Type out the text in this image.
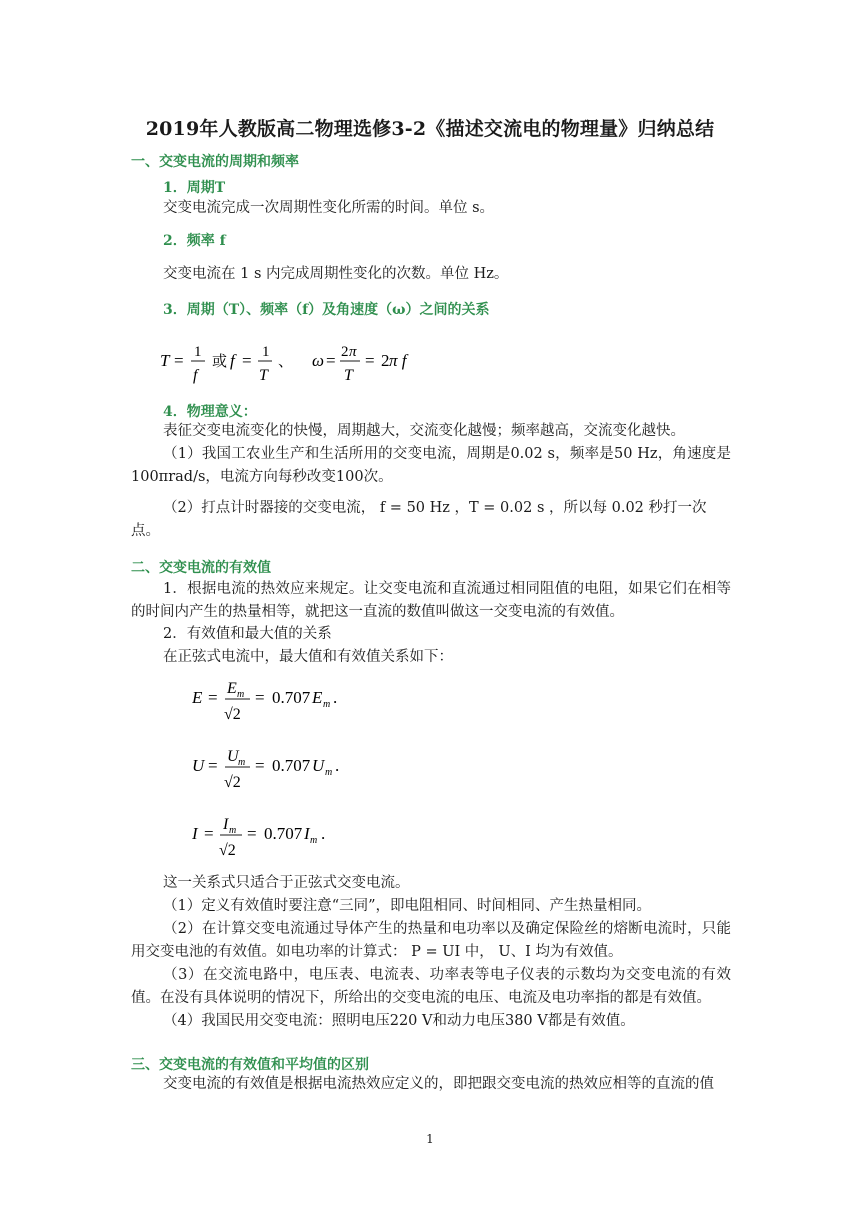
2019年人教版高二物理选修3-2《描述交流电的物理量》归纳总结
一、交变电流的周期和频率
1．周期T
交变电流完成一次周期性变化所需的时间。单位 s。
2．频率 f
交变电流在 1 s 内完成周期性变化的次数。单位 Hz。
3．周期（T）、频率（f）及角速度（ω）之间的关系
T = 1
f
或 f = 1
T
、 ω = 2 π
T
= 2 π f
4．物理意义：
表征交变电流变化的快慢，周期越大，交流变化越慢；频率越高，交流变化越快。
（1）我国工农业生产和生活所用的交变电流，周期是0.02 s，频率是50 Hz，角速度是100πrad/s，电流方向每秒改变100次。
（2）打点计时器接的交变电流， f = 50 Hz ，T = 0.02 s ，所以每 0.02 秒打一次点。
二、交变电流的有效值
1．根据电流的热效应来规定。让交变电流和直流通过相同阻值的电阻，如果它们在相等的时间内产生的热量相等，就把这一直流的数值叫做这一交变电流的有效值。
2．有效值和最大值的关系
在正弦式电流中，最大值和有效值关系如下：
E = E m
√2
= 0.707 E m .
U = U m
√2
= 0.707 U m .
I = I m
√2
= 0.707 I m .
这一关系式只适合于正弦式交变电流。
（1）定义有效值时要注意“三同”，即电阻相同、时间相同、产生热量相同。
（2）在计算交变电流通过导体产生的热量和电功率以及确定保险丝的熔断电流时，只能用交变电池的有效值。如电功率的计算式： P = UI 中， U、I 均为有效值。
（3）在交流电路中，电压表、电流表、功率表等电子仪表的示数均为交变电流的有效值。在没有具体说明的情况下，所给出的交变电流的电压、电流及电功率指的都是有效值。
（4）我国民用交变电流：照明电压220 V和动力电压380 V都是有效值。
三、交变电流的有效值和平均值的区别
交变电流的有效值是根据电流热效应定义的，即把跟交变电流的热效应相等的直流的值
1
